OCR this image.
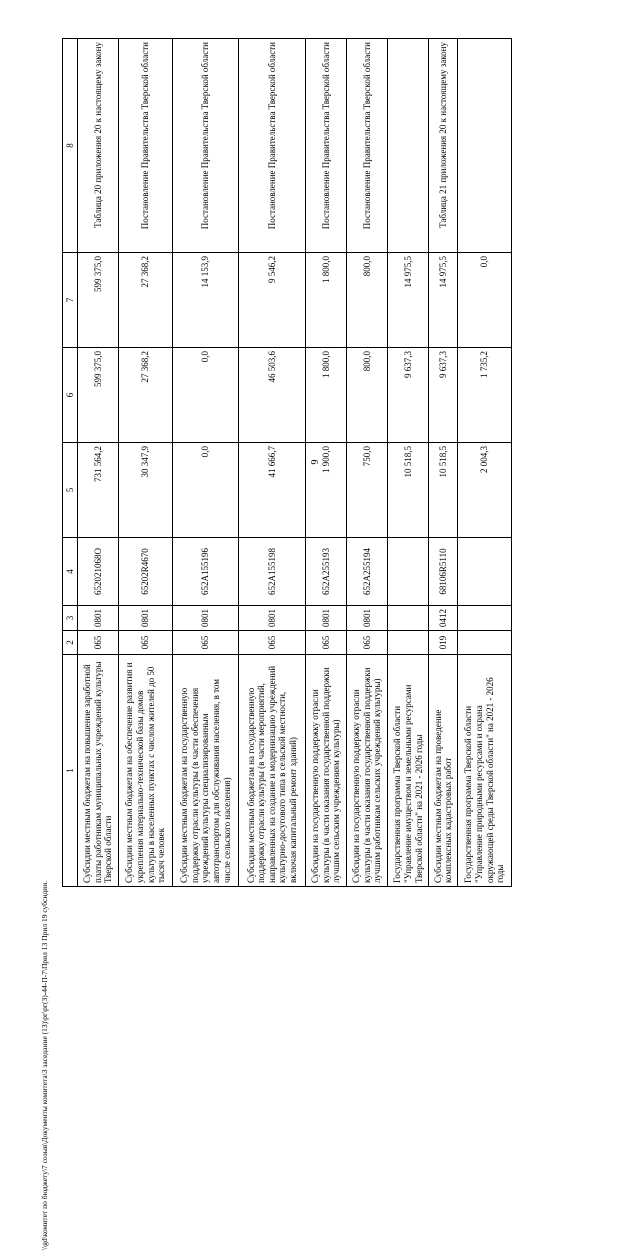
6
1	2	3	4	5	6	7	8
Субсидии местным бюджетам на повышение заработной платы работникам муниципальных учреждений культуры Тверской области	065	0801	652021068О	731 564,2	599 375,0	599 375,0	Таблица 20 приложения 20 к настоящему закону
Субсидии местным бюджетам на обеспечение развития и укрепления материально-технической базы домов культуры в населенных пунктах с числом жителей до 50 тысяч человек	065	0801	65202R4670	30 347,9	27 368,2	27 368,2	Постановление Правительства Тверской области
Субсидии местным бюджетам на государственную поддержку отрасли культуры (в части обеспечения учреждений культуры специализированным автотранспортом для обслуживания населения, в том числе сельского населения)	065	0801	652A155196	0,0	0,0	14 153,9	Постановление Правительства Тверской области
Субсидии местным бюджетам на государственную поддержку отрасли культуры (в части мероприятий, направленных на создание и модернизацию учреждений культурно-досугового типа в сельской местности, включая капитальный ремонт зданий)	065	0801	652A155198	41 666,7	46 503,6	9 546,2	Постановление Правительства Тверской области
Субсидии на государственную поддержку отрасли культуры (в части оказания государственной поддержки лучшим сельским учреждениям культуры)	065	0801	652A255193	1 900,0	1 800,0	1 800,0	Постановление Правительства Тверской области
Субсидии на государственную поддержку отрасли культуры (в части оказания государственной поддержки лучшим работникам сельских учреждений культуры)	065	0801	652A255194	750,0	800,0	800,0	Постановление Правительства Тверской области
Государственная программа Тверской области "Управление имуществом и земельными ресурсами Тверской области" на 2021 - 2026 годы				10 518,5	9 637,3	14 975,5	
Субсидии местным бюджетам на проведение комплексных кадастровых работ	019	0412	68106R5110	10 518,5	9 637,3	14 975,5	Таблица 21 приложения 20 к настоящему закону
Государственная программа Тверской области "Управление природными ресурсами и охрана окружающей среды Тверской области" на 2021 - 2026 годы				2 004,3	1 735,2	0,0	
\\gd\комитет по бюджету\7 созыв\Документы комитета\3 заседание (13)\рг\рг(3)-44-П-7\Прил 13 Прил 19 субсидии.
